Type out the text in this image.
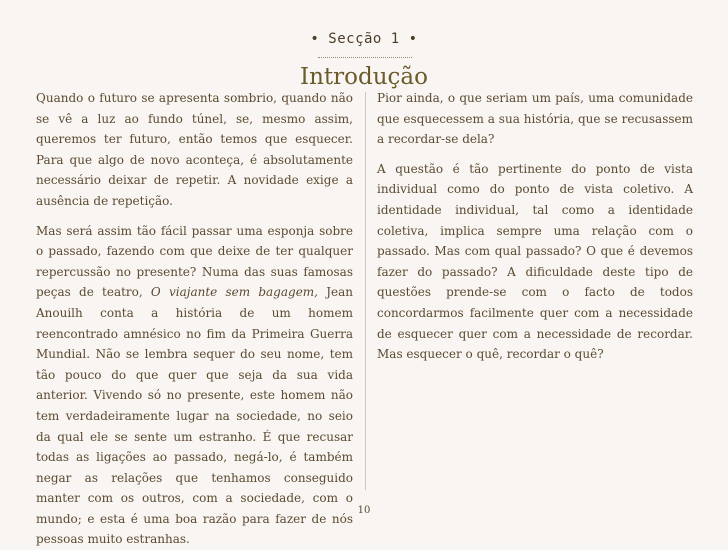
• Secção 1 •
Introdução

Quando o futuro se apresenta sombrio, quando não se vê a luz ao fundo túnel, se, mesmo assim, queremos ter futuro, então temos que esquecer. Para que algo de novo aconteça, é absolutamente necessário deixar de repetir. A novidade exige a ausência de repetição.

Mas será assim tão fácil passar uma esponja sobre o passado, fazendo com que deixe de ter qualquer repercussão no presente? Numa das suas famosas peças de teatro, O viajante sem bagagem, Jean Anouilh conta a história de um homem reencontrado amnésico no fim da Primeira Guerra Mundial. Não se lembra sequer do seu nome, tem tão pouco do que quer que seja da sua vida anterior. Vivendo só no presente, este homem não tem verdadeiramente lugar na sociedade, no seio da qual ele se sente um estranho. É que recusar todas as ligações ao passado, negá-lo, é também negar as relações que tenhamos conseguido manter com os outros, com a sociedade, com o mundo; e esta é uma boa razão para fazer de nós pessoas muito estranhas.

Pior ainda, o que seriam um país, uma comunidade que esquecessem a sua história, que se recusassem a recordar-se dela?

A questão é tão pertinente do ponto de vista individual como do ponto de vista coletivo. A identidade individual, tal como a identidade coletiva, implica sempre uma relação com o passado. Mas com qual passado? O que é devemos fazer do passado? A dificuldade deste tipo de questões prende-se com o facto de todos concordarmos facilmente quer com a necessidade de esquecer quer com a necessidade de recordar. Mas esquecer o quê, recordar o quê?

10
